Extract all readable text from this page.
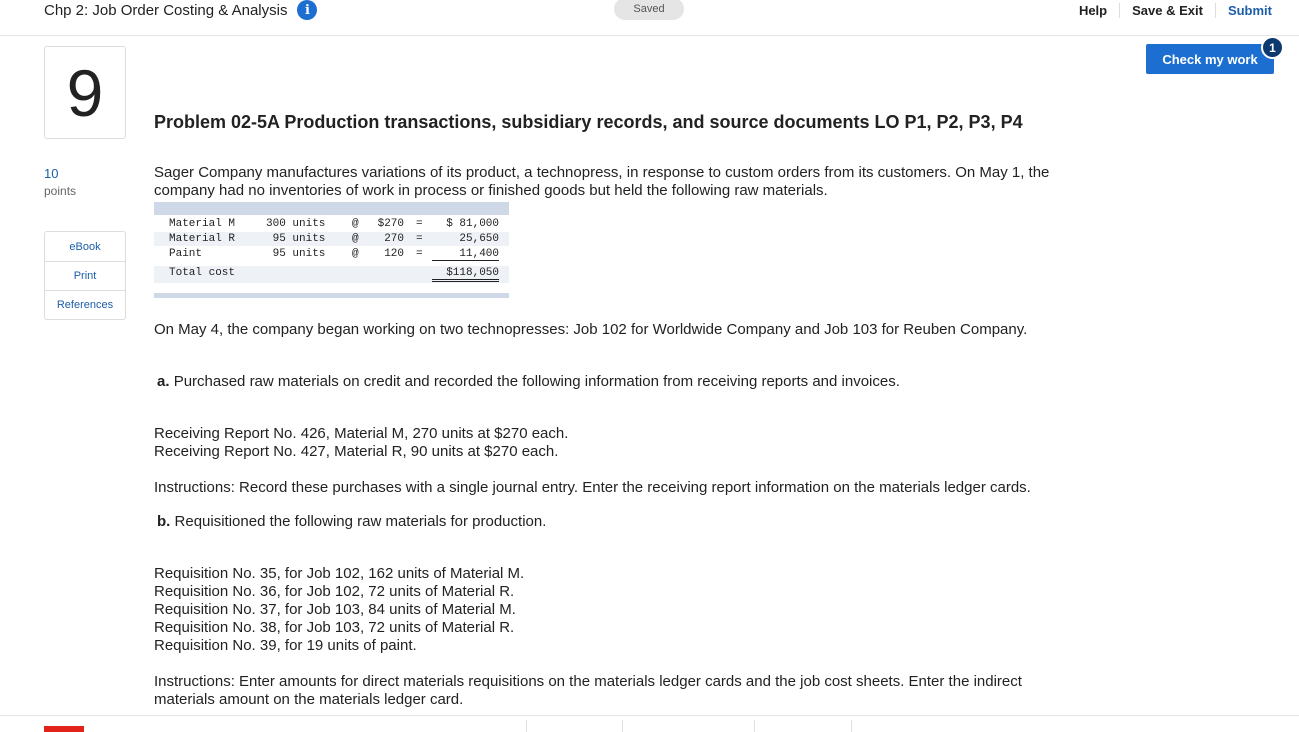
Chp 2: Job Order Costing & Analysis	i	Saved	Help	Save & Exit	Submit
Check my work
1
9
10
points
eBook
Print
References
Problem 02-5A Production transactions, subsidiary records, and source documents LO P1, P2, P3, P4
Sager Company manufactures variations of its product, a technopress, in response to custom orders from its customers. On May 1, the
company had no inventories of work in process or finished goods but held the following raw materials.
Material M	300 units @	$270 =	$ 81,000
Material R	95 units @	270 =	25,650
Paint	95 units @	120 =	11,400
Total cost	$118,050
On May 4, the company began working on two technopresses: Job 102 for Worldwide Company and Job 103 for Reuben Company.
a. Purchased raw materials on credit and recorded the following information from receiving reports and invoices.
Receiving Report No. 426, Material M, 270 units at $270 each.
Receiving Report No. 427, Material R, 90 units at $270 each.
Instructions: Record these purchases with a single journal entry. Enter the receiving report information on the materials ledger cards.
b. Requisitioned the following raw materials for production.
Requisition No. 35, for Job 102, 162 units of Material M.
Requisition No. 36, for Job 102, 72 units of Material R.
Requisition No. 37, for Job 103, 84 units of Material M.
Requisition No. 38, for Job 103, 72 units of Material R.
Requisition No. 39, for 19 units of paint.
Instructions: Enter amounts for direct materials requisitions on the materials ledger cards and the job cost sheets. Enter the indirect
materials amount on the materials ledger card.
